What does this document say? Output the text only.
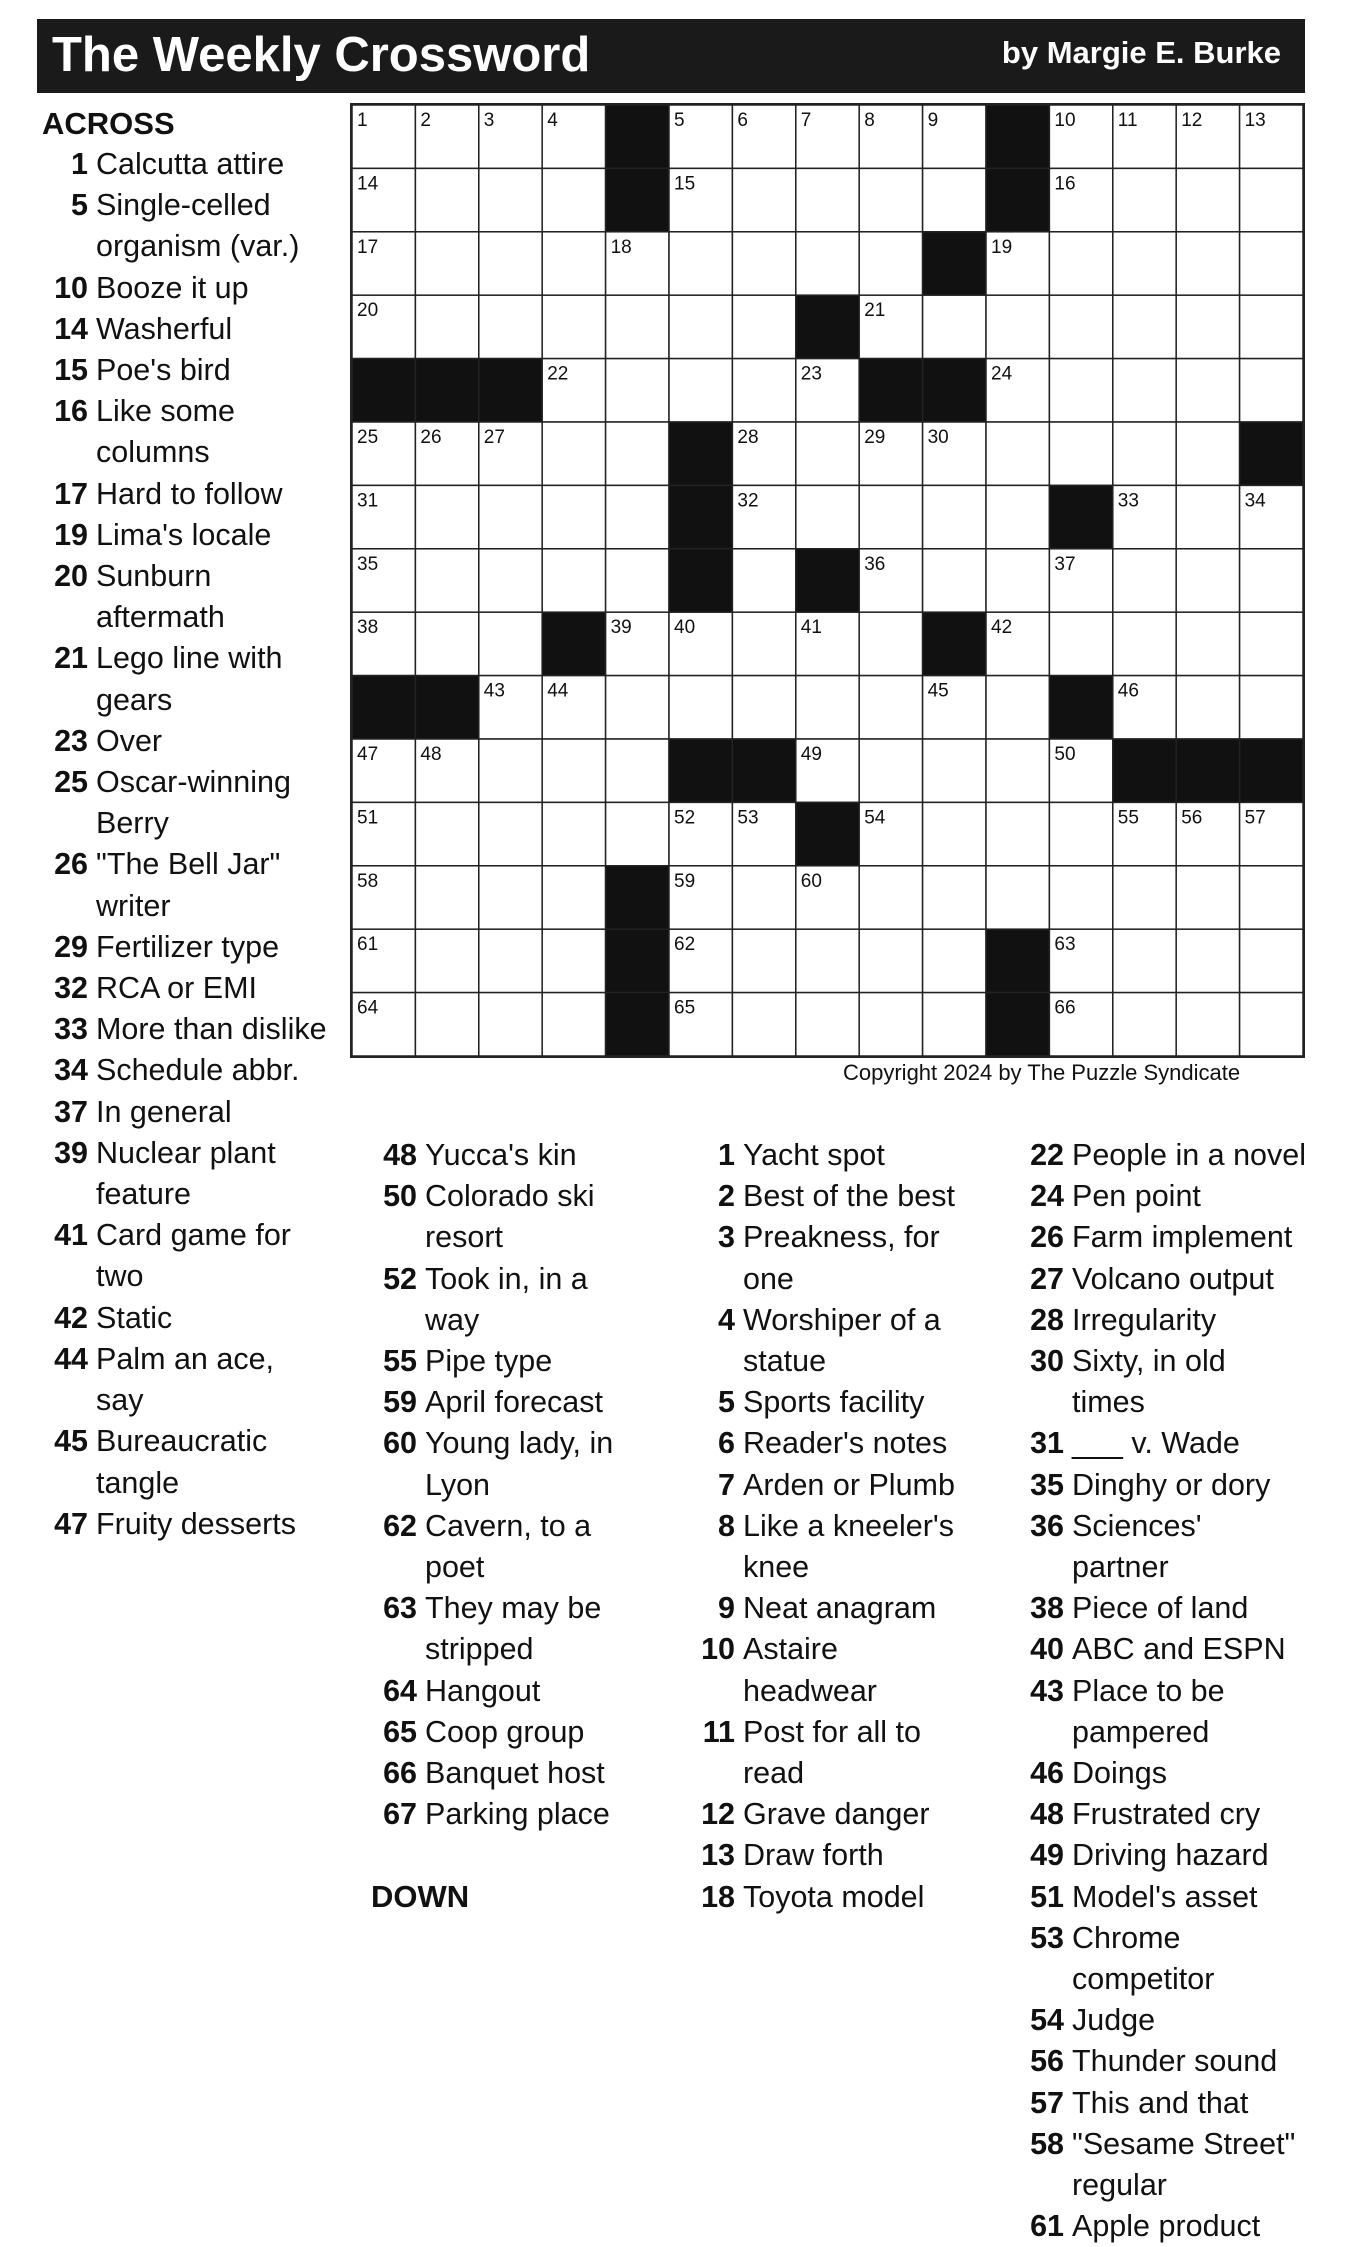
The Weekly Crossword	by Margie E. Burke
1	2	3	4	5	6	7	8	9	10 11 12 13
14	15	16
17	18	19
20	21
22	23	24
25 26 27	28	29 30
31	32	33	34
35	36	37
38	39 40	41	42
43 44	45	46
47 48	49	50
51	52 53	54	55 56 57
58	59	60
61	62	63
64	65	66
Copyright 2024 by The Puzzle Syndicate
ACROSS
1 Calcutta attire
5 Single-celled
organism (var.)
10 Booze it up
14 Washerful
15 Poe's bird
16 Like some
columns
17 Hard to follow
19 Lima's locale
20 Sunburn
aftermath
21 Lego line with
gears
23 Over
25 Oscar-winning
Berry
26 "The Bell Jar"
writer
29 Fertilizer type
32 RCA or EMI
33 More than dislike
34 Schedule abbr.
37 In general
39 Nuclear plant
feature
41 Card game for
two
42 Static
44 Palm an ace,
say
45 Bureaucratic
tangle
47 Fruity desserts
48 Yucca's kin
50 Colorado ski
resort
52 Took in, in a
way
55 Pipe type
59 April forecast
60 Young lady, in
Lyon
62 Cavern, to a
poet
63 They may be
stripped
64 Hangout
65 Coop group
66 Banquet host
67 Parking place
DOWN
1 Yacht spot
2 Best of the best
3 Preakness, for
one
4 Worshiper of a
statue
5 Sports facility
6 Reader's notes
7 Arden or Plumb
8 Like a kneeler's
knee
9 Neat anagram
10 Astaire
headwear
11 Post for all to
read
12 Grave danger
13 Draw forth
18 Toyota model
22 People in a novel
24 Pen point
26 Farm implement
27 Volcano output
28 Irregularity
30 Sixty, in old
times
31 ___ v. Wade
35 Dinghy or dory
36 Sciences'
partner
38 Piece of land
40 ABC and ESPN
43 Place to be
pampered
46 Doings
48 Frustrated cry
49 Driving hazard
51 Model's asset
53 Chrome
competitor
54 Judge
56 Thunder sound
57 This and that
58 "Sesame Street"
regular
61 Apple product
